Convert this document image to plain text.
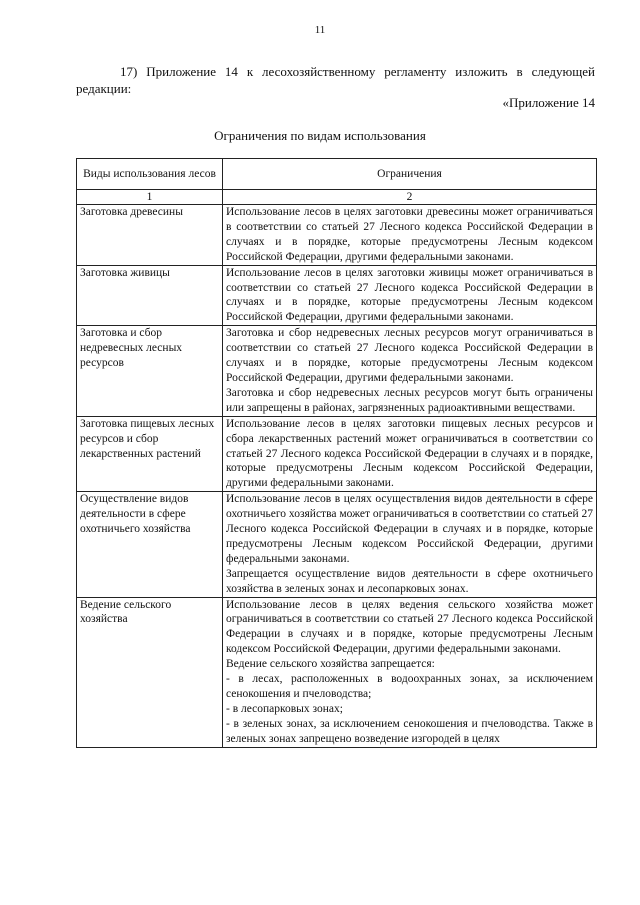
11
17) Приложение 14 к лесохозяйственному регламенту изложить в следующей
редакции:
«Приложение 14
Ограничения по видам использования
Виды использования лесов	Ограничения
1	2
Заготовка древесины	Использование лесов в целях заготовки древесины может ограничиваться в соответствии со статьей 27 Лесного кодекса Российской Федерации в случаях и в порядке, которые предусмотрены Лесным кодексом Российской Федерации, другими федеральными законами.

Заготовка живицы	Использование лесов в целях заготовки живицы может ограничиваться в соответствии со статьей 27 Лесного кодекса Российской Федерации в случаях и в порядке, которые предусмотрены Лесным кодексом Российской Федерации, другими федеральными законами.

Заготовка и сбор недревесных лесных ресурсов	Заготовка и сбор недревесных лесных ресурсов могут ограничиваться в соответствии со статьей 27 Лесного кодекса Российской Федерации в случаях и в порядке, которые предусмотрены Лесным кодексом Российской Федерации, другими федеральными законами.

Заготовка и сбор недревесных лесных ресурсов могут быть ограничены или запрещены в районах, загрязненных радиоактивными веществами.

Заготовка пищевых лесных ресурсов и сбор лекарственных растений	Использование лесов в целях заготовки пищевых лесных ресурсов и сбора лекарственных растений может ограничиваться в соответствии со статьей 27 Лесного кодекса Российской Федерации в случаях и в порядке, которые предусмотрены Лесным кодексом Российской Федерации, другими федеральными законами.

Осуществление видов деятельности в сфере охотничьего хозяйства	Использование лесов в целях осуществления видов деятельности в сфере охотничьего хозяйства может ограничиваться в соответствии со статьей 27 Лесного кодекса Российской Федерации в случаях и в порядке, которые предусмотрены Лесным кодексом Российской Федерации, другими федеральными законами.

Запрещается осуществление видов деятельности в сфере охотничьего хозяйства в зеленых зонах и лесопарковых зонах.

Ведение сельского хозяйства	Использование лесов в целях ведения сельского хозяйства может ограничиваться в соответствии со статьей 27 Лесного кодекса Российской Федерации в случаях и в порядке, которые предусмотрены Лесным кодексом Российской Федерации, другими федеральными законами.

Ведение сельского хозяйства запрещается:

- в лесах, расположенных в водоохранных зонах, за исключением сенокошения и пчеловодства;

- в лесопарковых зонах;

- в зеленых зонах, за исключением сенокошения и пчеловодства. Также в зеленых зонах запрещено возведение изгородей в целях
